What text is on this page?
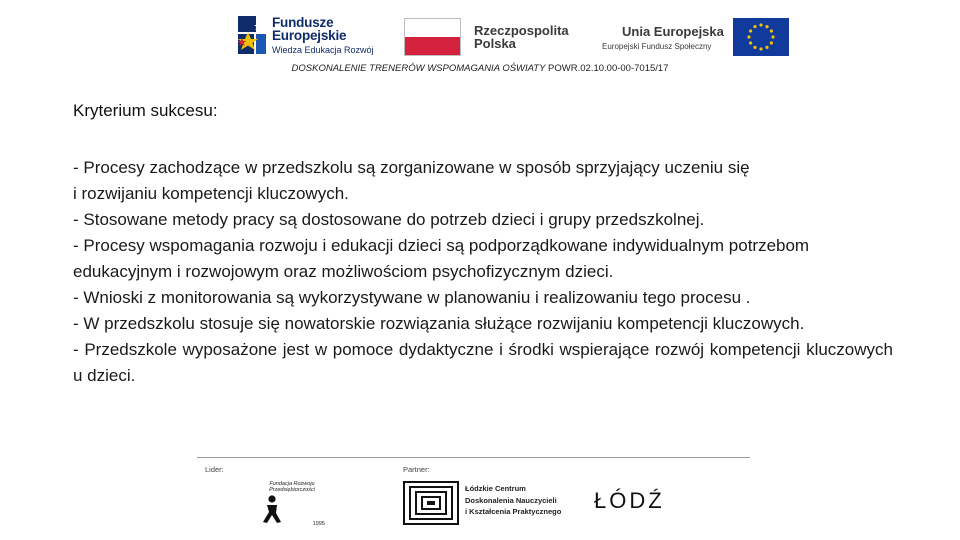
Fundusze
Europejskie
Wiedza Edukacja Rozwój
Rzeczpospolita
Polska
Unia Europejska
Europejski Fundusz Społeczny
DOSKONALENIE TRENERÓW WSPOMAGANIA OŚWIATY POWR.02.10.00-00-7015/17
Kryterium sukcesu:

- Procesy zachodzące w przedszkolu są zorganizowane w sposób sprzyjający uczeniu się

i rozwijaniu kompetencji kluczowych.

- Stosowane metody pracy są dostosowane do potrzeb dzieci i grupy przedszkolnej.

- Procesy wspomagania rozwoju i edukacji dzieci są podporządkowane indywidualnym potrzebom edukacyjnym i rozwojowym oraz możliwościom psychofizycznym dzieci.

- Wnioski z monitorowania są wykorzystywane w planowaniu i realizowaniu tego procesu .

- W przedszkolu stosuje się nowatorskie rozwiązania służące rozwijaniu kompetencji kluczowych.

- Przedszkole wyposażone jest w pomoce dydaktyczne i środki wspierające rozwój kompetencji kluczowych u dzieci.

Lider:	Partner:
Fundacja Rozwoju Przedsiębiorczości
1995
Łódzkie Centrum
Doskonalenia Nauczycieli
i Kształcenia Praktycznego ŁÓDŹ
